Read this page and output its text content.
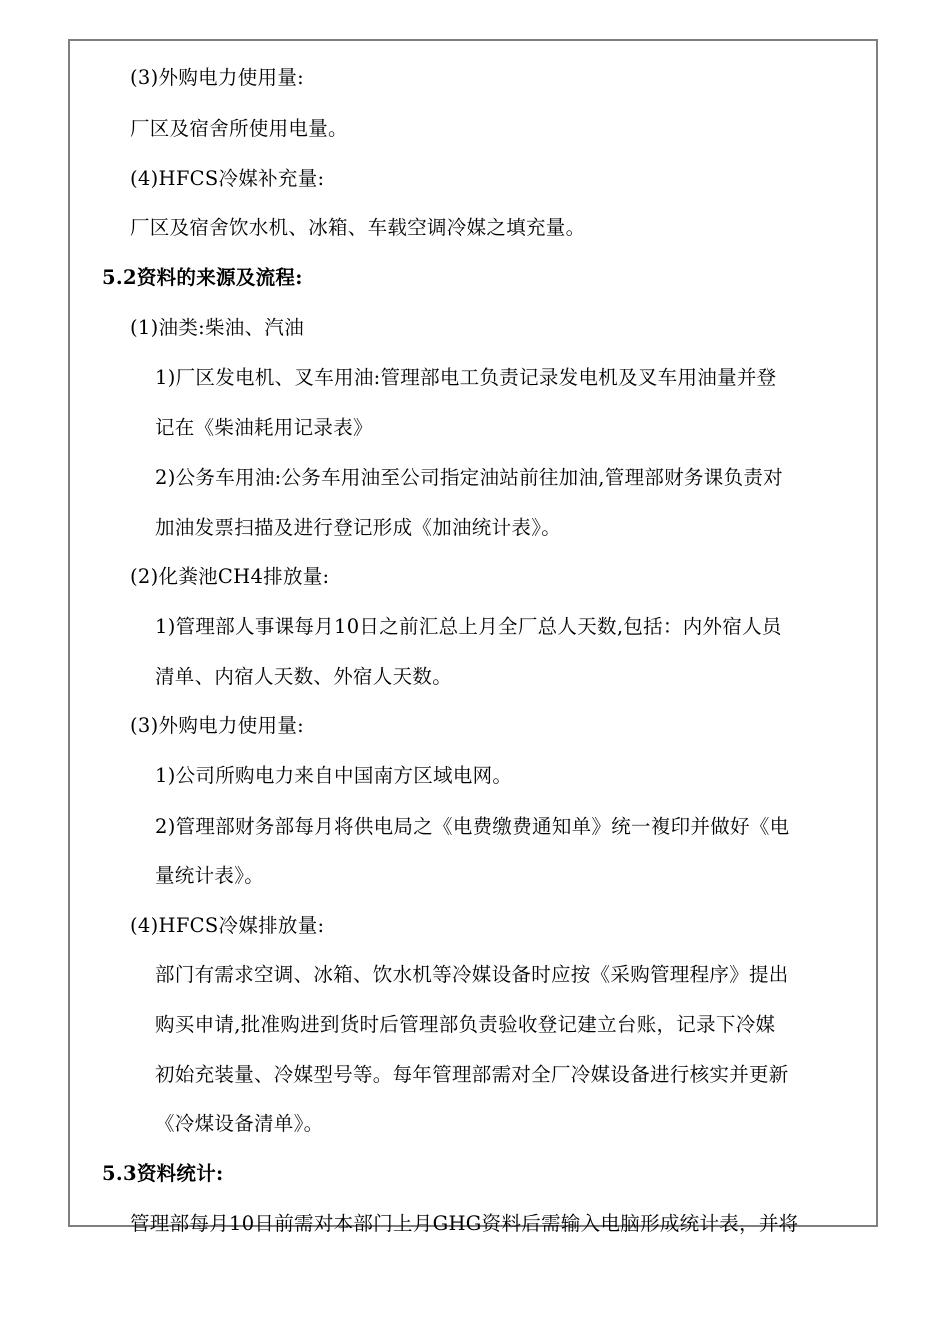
(3)外购电力使用量:
厂区及宿舍所使用电量。
(4)HFCS冷媒补充量:
厂区及宿舍饮水机、冰箱、车载空调冷媒之填充量。
5.2资料的来源及流程:
(1)油类:柴油、汽油
1)厂区发电机、叉车用油:管理部电工负责记录发电机及叉车用油量并登
记在《柴油耗用记录表》
2)公务车用油:公务车用油至公司指定油站前往加油,管理部财务课负责对
加油发票扫描及进行登记形成《加油统计表》。
(2)化粪池CH4排放量:
1)管理部人事课每月10日之前汇总上月全厂总人天数,包括：内外宿人员
清单、内宿人天数、外宿人天数。
(3)外购电力使用量:
1)公司所购电力来自中国南方区域电网。
2)管理部财务部每月将供电局之《电费缴费通知单》统一複印并做好《电
量统计表》。
(4)HFCS冷媒排放量:
部门有需求空调、冰箱、饮水机等冷媒设备时应按《采购管理程序》提出
购买申请,批准购进到货时后管理部负责验收登记建立台账，记录下冷媒
初始充装量、冷媒型号等。每年管理部需对全厂冷媒设备进行核实并更新
《冷煤设备清单》。
5.3资料统计:
管理部每月10日前需对本部门上月GHG资料后需输入电脑形成统计表，并将
